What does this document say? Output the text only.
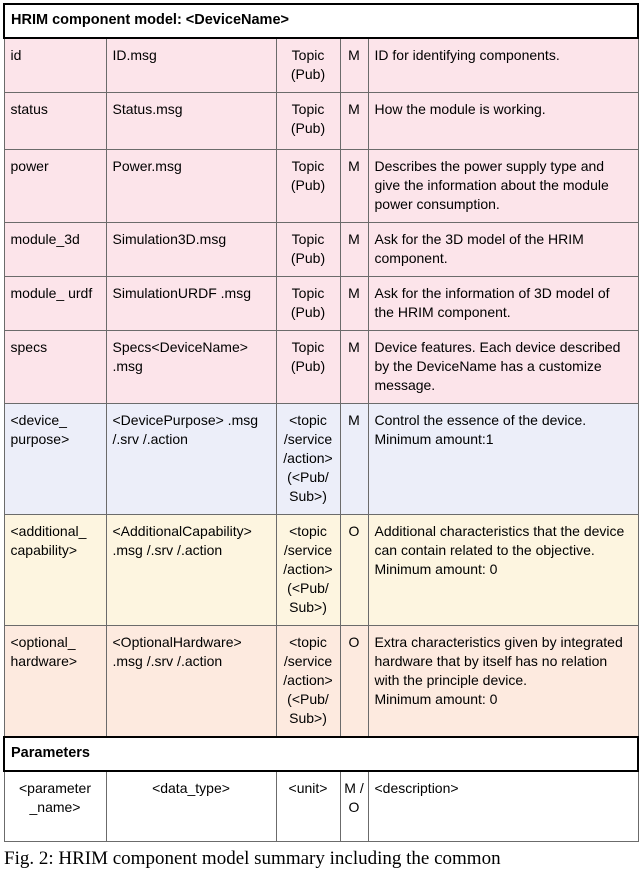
HRIM component model: <DeviceName>				
id	ID.msg	Topic (Pub)	M	ID for identifying components.
status	Status.msg	Topic (Pub)	M	How the module is working.
power	Power.msg	Topic (Pub)	M	Describes the power supply type and give the information about the module power consumption.
module_3d	Simulation3D.msg	Topic (Pub)	M	Ask for the 3D model of the HRIM component.
module_ urdf	SimulationURDF .msg	Topic (Pub)	M	Ask for the information of 3D model of the HRIM component.
specs	Specs<DeviceName> .msg	Topic (Pub)	M	Device features. Each device described by the DeviceName has a customize message.
<device_ purpose>	<DevicePurpose> .msg /.srv /.action	<topic /service /action> (<Pub/ Sub>)	M	Control the essence of the device.
Minimum amount:1
<additional_ capability>	<AdditionalCapability> .msg /.srv /.action	<topic /service /action> (<Pub/ Sub>)	O	Additional characteristics that the device can contain related to the objective.
Minimum amount: 0
<optional_ hardware>	<OptionalHardware> .msg /.srv /.action	<topic /service /action> (<Pub/ Sub>)	O	Extra characteristics given by integrated hardware that by itself has no relation with the principle device.
Minimum amount: 0
Parameters				
<parameter _name>	<data_type>	<unit>	M / O	<description>
Fig. 2: HRIM component model summary including the common
